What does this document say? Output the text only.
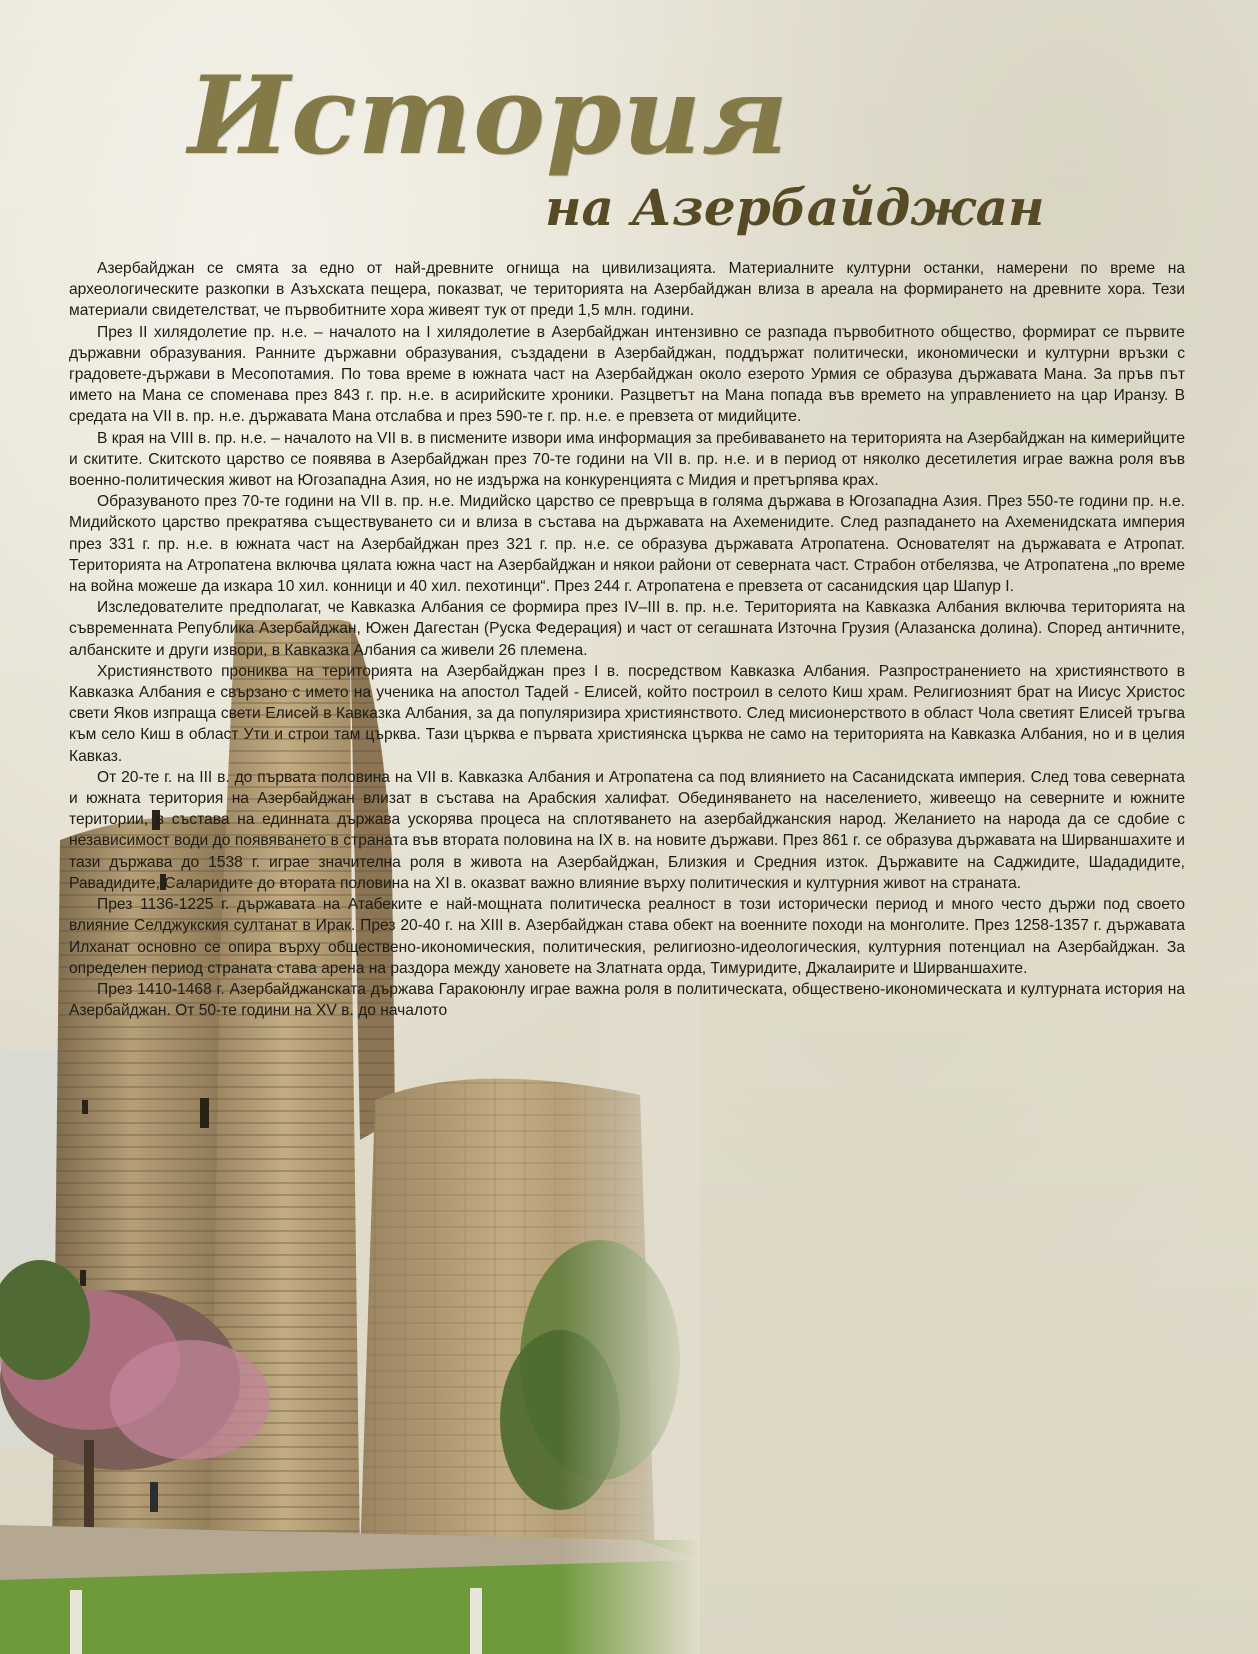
История
на Азербайджан

Азербайджан се смята за едно от най-древните огнища на цивилизацията. Материалните културни останки, намерени по време на археологическите разкопки в Азъхската пещера, показват, че територията на Азербайджан влиза в ареала на формирането на древните хора. Тези материали свидетелстват, че първобитните хора живеят тук от преди 1,5 млн. години.

През II хилядолетие пр. н.е. – началото на I хилядолетие в Азербайджан интензивно се разпада първобитното общество, формират се първите държавни образувания. Ранните държавни образувания, създадени в Азербайджан, поддържат политически, икономически и културни връзки с градовете-държави в Месопотамия. По това време в южната част на Азербайджан около езерото Урмия се образува държавата Мана. За пръв път името на Мана се споменава през 843 г. пр. н.е. в асирийските хроники. Разцветът на Мана попада във времето на управлението на цар Иранзу. В средата на VII в. пр. н.е. държавата Мана отслабва и през 590-те г. пр. н.е. е превзета от мидийците.

В края на VIII в. пр. н.е. – началото на VII в. в писмените извори има информация за пребиваването на територията на Азербайджан на кимерийците и скитите. Скитското царство се появява в Азербайджан през 70-те години на VII в. пр. н.е. и в период от няколко десетилетия играе важна роля във военно-политическия живот на Югозападна Азия, но не издържа на конкуренцията с Мидия и претърпява крах.

Образуваното през 70-те години на VII в. пр. н.е. Мидийско царство се превръща в голяма държава в Югозападна Азия. През 550-те години пр. н.е. Мидийското царство прекратява съществуването си и влиза в състава на държавата на Ахеменидите. След разпадането на Ахеменидската империя през 331 г. пр. н.е. в южната част на Азербайджан през 321 г. пр. н.е. се образува държавата Атропатена. Основателят на държавата е Атропат. Територията на Атропатена включва цялата южна част на Азербайджан и някои райони от северната част. Страбон отбелязва, че Атропатена „по време на война можеше да изкара 10 хил. конници и 40 хил. пехотинци“. През 244 г. Атропатена е превзета от сасанидския цар Шапур I.

Изследователите предполагат, че Кавказка Албания се формира през IV–III в. пр. н.е. Територията на Кавказка Албания включва територията на съвременната Република Азербайджан, Южен Дагестан (Руска Федерация) и част от сегашната Източна Грузия (Алазанска долина). Според античните, албанските и други извори, в Кавказка Албания са живели 26 племена.

Християнството прониква на територията на Азербайджан през I в. посредством Кавказка Албания. Разпространението на християнството в Кавказка Албания е свързано с името на ученика на апостол Тадей - Елисей, който построил в селото Киш храм. Религиозният брат на Иисус Христос свети Яков изпраща свети Елисей в Кавказка Албания, за да популяризира християнството. След мисионерството в област Чола светият Елисей тръгва към село Киш в област Ути и строи там църква. Тази църква е първата християнска църква не само на територията на Кавказка Албания, но и в целия Кавказ.

От 20-те г. на III в. до първата половина на VII в. Кавказка Албания и Атропатена са под влиянието на Сасанидската империя. След това северната и южната територия на Азербайджан влизат в състава на Арабския халифат. Обединяването на населението, живеещо на северните и южните територии, в състава на единната държава ускорява процеса на сплотяването на азербайджанския народ. Желанието на народа да се сдобие с независимост води до появяването в страната във втората половина на IX в. на новите държави. През 861 г. се образува държавата на Ширваншахите и тази държава до 1538 г. играе значителна роля в живота на Азербайджан, Близкия и Средния изток. Държавите на Саджидите, Шададидите, Равадидите, Саларидите до втората половина на XI в. оказват важно влияние върху политическия и културния живот на страната.

През 1136-1225 г. държавата на Атабеките е най-мощната политическа реалност в този исторически период и много често държи под своето влияние Селджукския султанат в Ирак. През 20-40 г. на XIII в. Азербайджан става обект на военните походи на монголите. През 1258-1357 г. държавата Илханат основно се опира върху обществено-икономическия, политическия, религиозно-идеологическия, културния потенциал на Азербайджан. За определен период страната става арена на раздора между хановете на Златната орда, Тимуридите, Джалаиритe и Ширваншахите.

През 1410-1468 г. Азербайджанската държава Гаракоюнлу играе важна роля в политическата, обществено-икономическата и културната история на Азербайджан. От 50-те години на XV в. до началото
